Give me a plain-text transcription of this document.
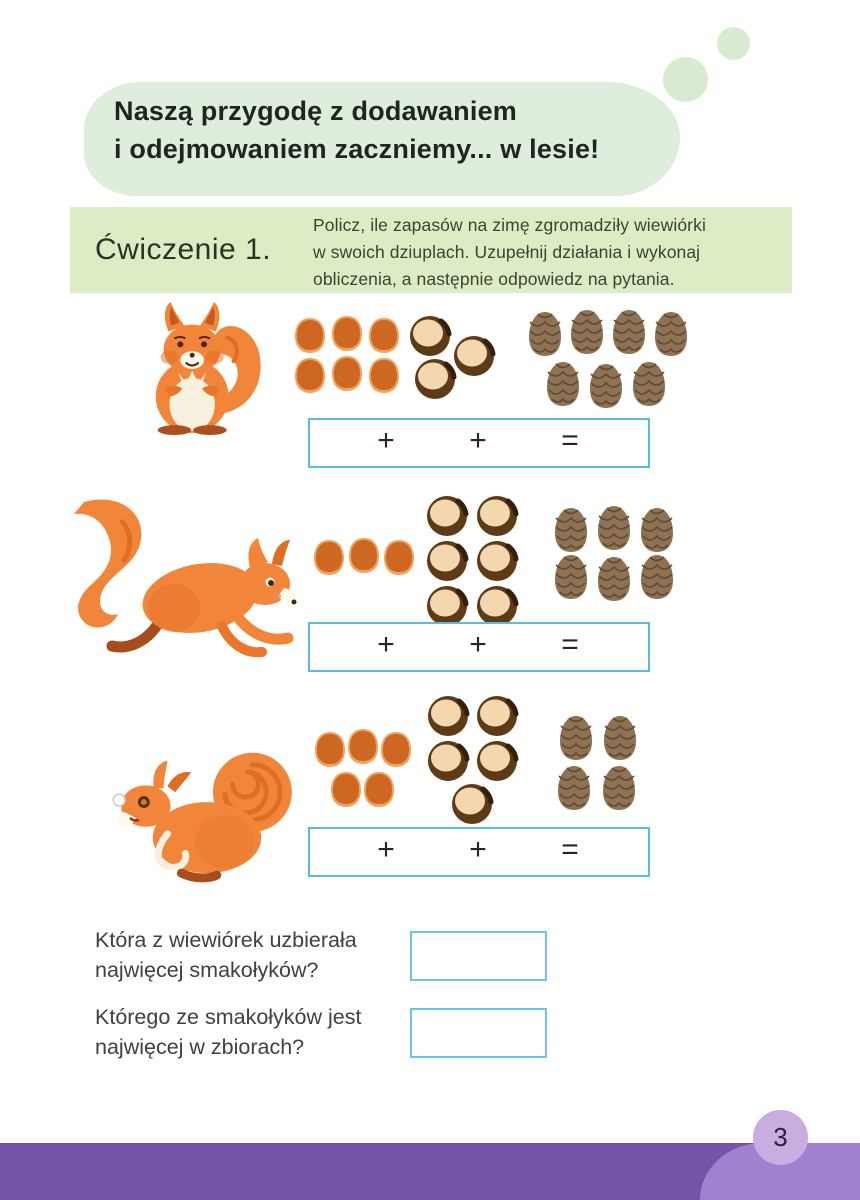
Naszą przygodę z dodawaniem
i odejmowaniem zaczniemy... w lesie!
Ćwiczenie 1.
Policz, ile zapasów na zimę zgromadziły wiewiórki
w swoich dziuplach. Uzupełnij działania i wykonaj
obliczenia, a następnie odpowiedz na pytania.
+	+	=
+	+	=
+	+	=
Która z wiewiórek uzbierała
najwięcej smakołyków?
Którego ze smakołyków jest
najwięcej w zbiorach?
3
